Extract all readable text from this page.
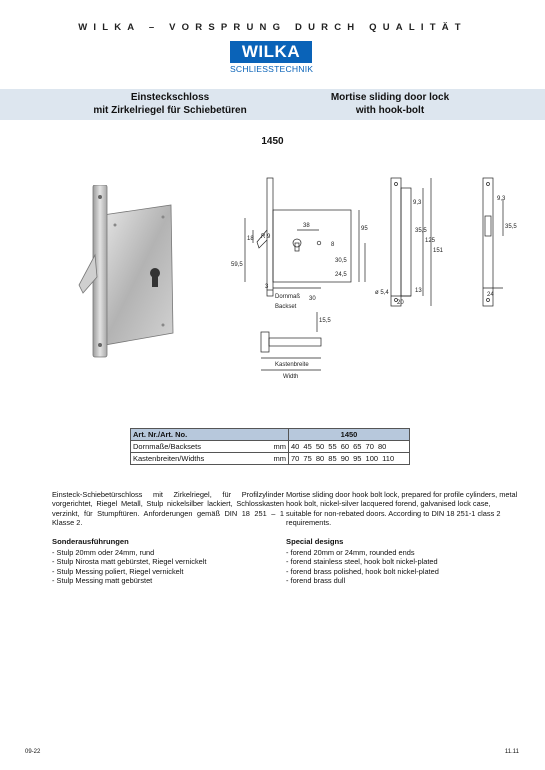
WILKA – VORSPRUNG DURCH QUALITÄT
WILKA
SCHLIESSTECHNIK
Einsteckschloss
mit Zirkelriegel für Schiebetüren
Mortise sliding door lock
with hook-bolt
1450
38
R 9
8
95
30,5
24,5
59,5
18
3
30
Dornmaß
Backset
9,3
35,5
125
151
13
ø 5,4
20
9,3
35,5
24
15,5
Kastenbreite
Width
Art. Nr./Art. No.		1450
Dornmaße/Backsets	mm	40 45 50 55 60 65 70 80
Kastenbreiten/Widths	mm	70 75 80 85 90 95 100 110

Einsteck-Schiebetürschloss mit Zirkelriegel, für Profilzylinder vorgerichtet, Riegel Metall, Stulp nickelsilber lackiert, Schlosskasten verzinkt, für Stumpftüren. Anforderungen gemäß DIN 18 251 – 1 Klasse 2.

Sonderausführungen
- Stulp 20mm oder 24mm, rund
- Stulp Nirosta matt gebürstet, Riegel vernickelt
- Stulp Messing poliert, Riegel vernickelt
- Stulp Messing matt gebürstet

Mortise sliding door hook bolt lock, prepared for profile cylinders, metal hook bolt, nickel-silver lacquered forend, galvanised lock case, suitable for non-rebated doors. According to DIN 18 251-1 class 2 requirements.

Special designs
- forend 20mm or 24mm, rounded ends
- forend stainless steel, hook bolt nickel-plated
- forend brass polished, hook bolt nickel-plated
- forend brass dull
09-22	11.11
